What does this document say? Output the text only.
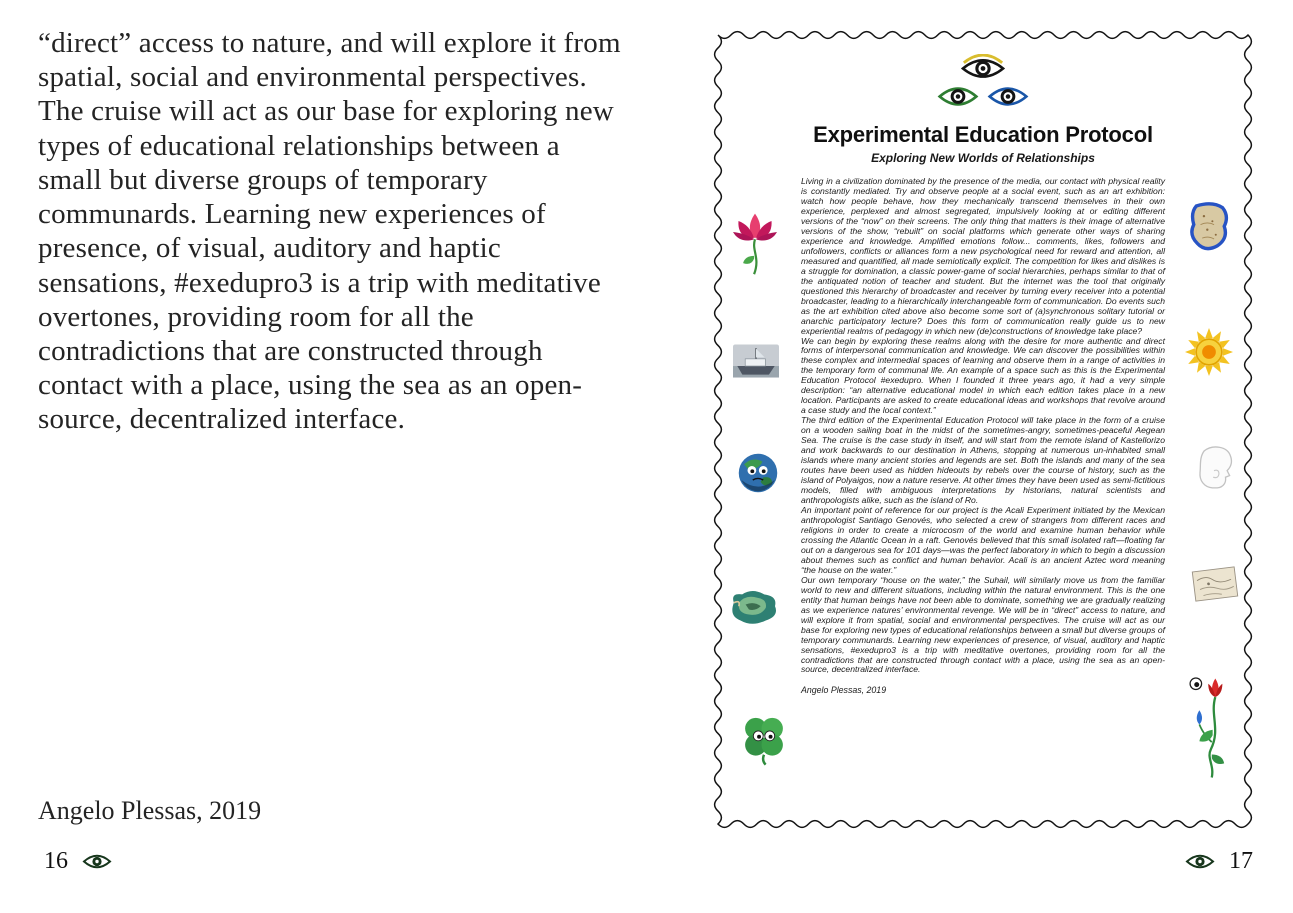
“direct” access to nature, and will explore it from spatial, social and environmental perspectives. The cruise will act as our base for exploring new types of educational relationships between a small but diverse groups of temporary communards. Learning new experiences of presence, of visual, auditory and haptic sensations, #exedupro3 is a trip with meditative overtones, providing room for all the contradictions that are constructed through contact with a place, using the sea as an open-source, decentralized interface.
Angelo Plessas, 2019
16
Experimental Education Protocol
Exploring New Worlds of Relationships

Living in a civilization dominated by the presence of the media, our contact with physical reality is constantly mediated. Try and observe people at a social event, such as an art exhibition: watch how people behave, how they mechanically transcend themselves in their own experience, perplexed and almost segregated, impulsively looking at or editing different versions of the “now” on their screens. The only thing that matters is their image of alternative versions of the show, “rebuilt” on social platforms which generate other ways of sharing experience and knowledge. Amplified emotions follow... comments, likes, followers and unfollowers, conflicts or alliances form a new psychological need for reward and attention, all measured and quantified, all made semiotically explicit. The competition for likes and dislikes is a struggle for domination, a classic power-game of social hierarchies, perhaps similar to that of the antiquated notion of teacher and student. But the internet was the tool that originally questioned this hierarchy of broadcaster and receiver by turning every receiver into a potential broadcaster, leading to a hierarchically interchangeable form of communication. Do events such as the art exhibition cited above also become some sort of (a)synchronous solitary tutorial or anarchic participatory lecture? Does this form of communication really guide us to new experiential realms of pedagogy in which new (de)constructions of knowledge take place?

We can begin by exploring these realms along with the desire for more authentic and direct forms of interpersonal communication and knowledge. We can discover the possibilities within these complex and intermedial spaces of learning and observe them in a range of activities in the temporary form of communal life. An example of a space such as this is the Experimental Education Protocol #exedupro. When I founded it three years ago, it had a very simple description: “an alternative educational model in which each edition takes place in a new location. Participants are asked to create educational ideas and workshops that revolve around a case study and the local context.”

The third edition of the Experimental Education Protocol will take place in the form of a cruise on a wooden sailing boat in the midst of the sometimes-angry, sometimes-peaceful Aegean Sea. The cruise is the case study in itself, and will start from the remote island of Kastellorizo and work backwards to our destination in Athens, stopping at numerous un-inhabited small islands where many ancient stories and legends are set. Both the islands and many of the sea routes have been used as hidden hideouts by rebels over the course of history, such as the island of Polyaigos, now a nature reserve. At other times they have been used as semi-fictitious models, filled with ambiguous interpretations by historians, natural scientists and anthropologists alike, such as the island of Ro.

An important point of reference for our project is the Acali Experiment initiated by the Mexican anthropologist Santiago Genovés, who selected a crew of strangers from different races and religions in order to create a microcosm of the world and examine human behavior while crossing the Atlantic Ocean in a raft. Genovés believed that this small isolated raft—floating far out on a dangerous sea for 101 days—was the perfect laboratory in which to begin a discussion about themes such as conflict and human behavior. Acali is an ancient Aztec word meaning “the house on the water.”

Our own temporary “house on the water,” the Suhail, will similarly move us from the familiar world to new and different situations, including within the natural environment. This is the one entity that human beings have not been able to dominate, something we are gradually realizing as we experience natures’ environmental revenge. We will be in “direct” access to nature, and will explore it from spatial, social and environmental perspectives. The cruise will act as our base for exploring new types of educational relationships between a small but diverse groups of temporary communards. Learning new experiences of presence, of visual, auditory and haptic sensations, #exedupro3 is a trip with meditative overtones, providing room for all the contradictions that are constructed through contact with a place, using the sea as an open-source, decentralized interface.

Angelo Plessas, 2019
17
